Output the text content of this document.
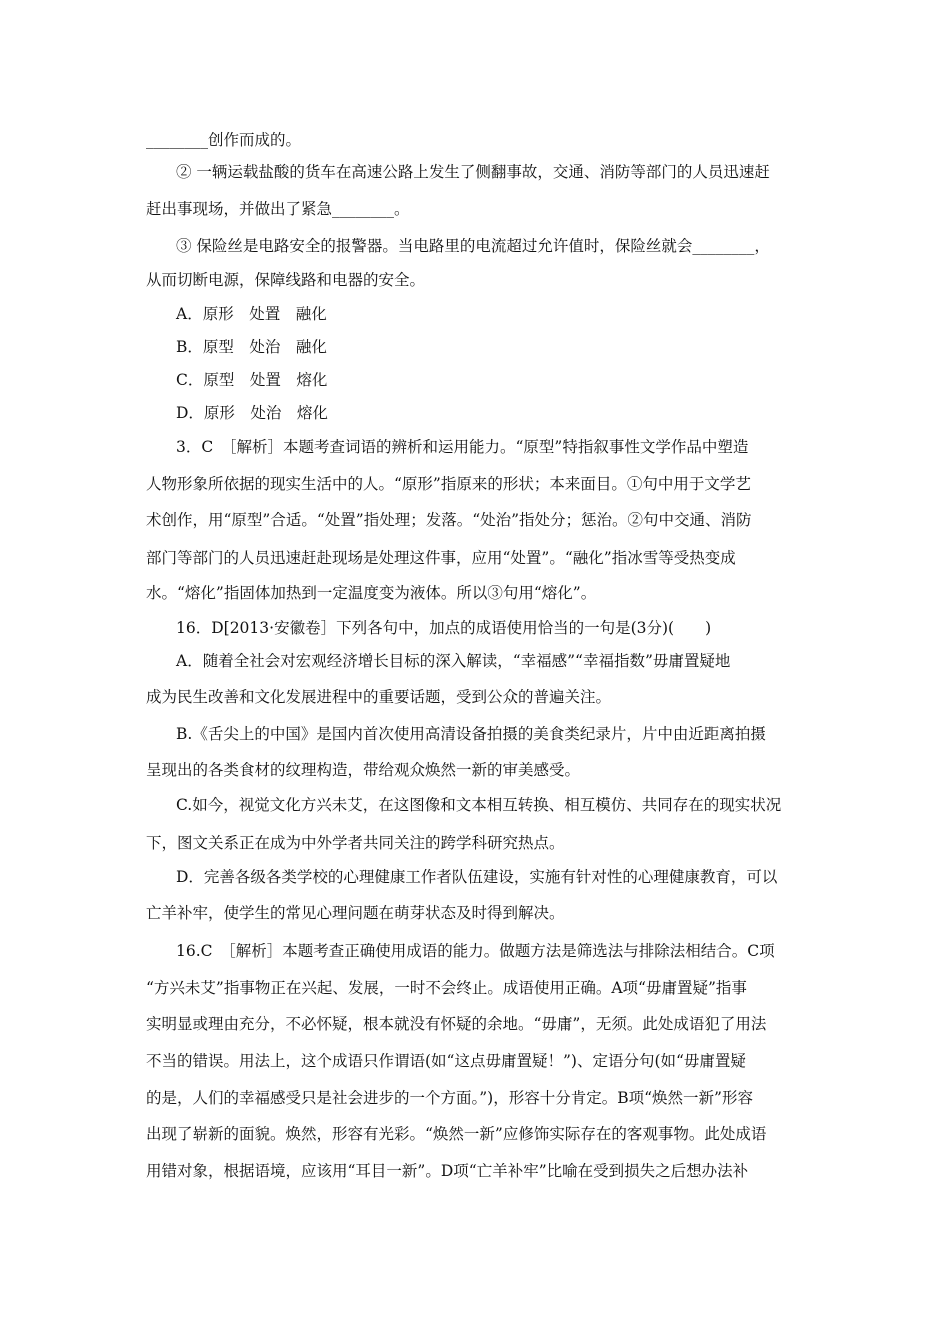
________创作而成的。
② 一辆运载盐酸的货车在高速公路上发生了侧翻事故，交通、消防等部门的人员迅速赶
赶出事现场，并做出了紧急________。
③ 保险丝是电路安全的报警器。当电路里的电流超过允许值时，保险丝就会________，
从而切断电源，保障线路和电器的安全。
A．原形　处置　融化
B．原型　处治　融化
C．原型　处置　熔化
D．原形　处治　熔化
3．C　［解析］本题考查词语的辨析和运用能力。“原型”特指叙事性文学作品中塑造
人物形象所依据的现实生活中的人。“原形”指原来的形状；本来面目。①句中用于文学艺
术创作，用“原型”合适。“处置”指处理；发落。“处治”指处分；惩治。②句中交通、消防
部门等部门的人员迅速赶赴现场是处理这件事，应用“处置”。“融化”指冰雪等受热变成
水。“熔化”指固体加热到一定温度变为液体。所以③句用“熔化”。
16．D[2013·安徽卷］下列各句中，加点的成语使用恰当的一句是(3分)(　　)
A．随着全社会对宏观经济增长目标的深入解读，“幸福感”“幸福指数”毋庸置疑地
成为民生改善和文化发展进程中的重要话题，受到公众的普遍关注。
B.《舌尖上的中国》是国内首次使用高清设备拍摄的美食类纪录片，片中由近距离拍摄
呈现出的各类食材的纹理构造，带给观众焕然一新的审美感受。
C.如今，视觉文化方兴未艾，在这图像和文本相互转换、相互模仿、共同存在的现实状况
下，图文关系正在成为中外学者共同关注的跨学科研究热点。
D．完善各级各类学校的心理健康工作者队伍建设，实施有针对性的心理健康教育，可以
亡羊补牢，使学生的常见心理问题在萌芽状态及时得到解决。
16.C　［解析］本题考查正确使用成语的能力。做题方法是筛选法与排除法相结合。C项
“方兴未艾”指事物正在兴起、发展，一时不会终止。成语使用正确。A项“毋庸置疑”指事
实明显或理由充分，不必怀疑，根本就没有怀疑的余地。“毋庸”，无须。此处成语犯了用法
不当的错误。用法上，这个成语只作谓语(如“这点毋庸置疑！”)、定语分句(如“毋庸置疑
的是，人们的幸福感受只是社会进步的一个方面。”)，形容十分肯定。B项“焕然一新”形容
出现了崭新的面貌。焕然，形容有光彩。“焕然一新”应修饰实际存在的客观事物。此处成语
用错对象，根据语境，应该用“耳目一新”。D项“亡羊补牢”比喻在受到损失之后想办法补
